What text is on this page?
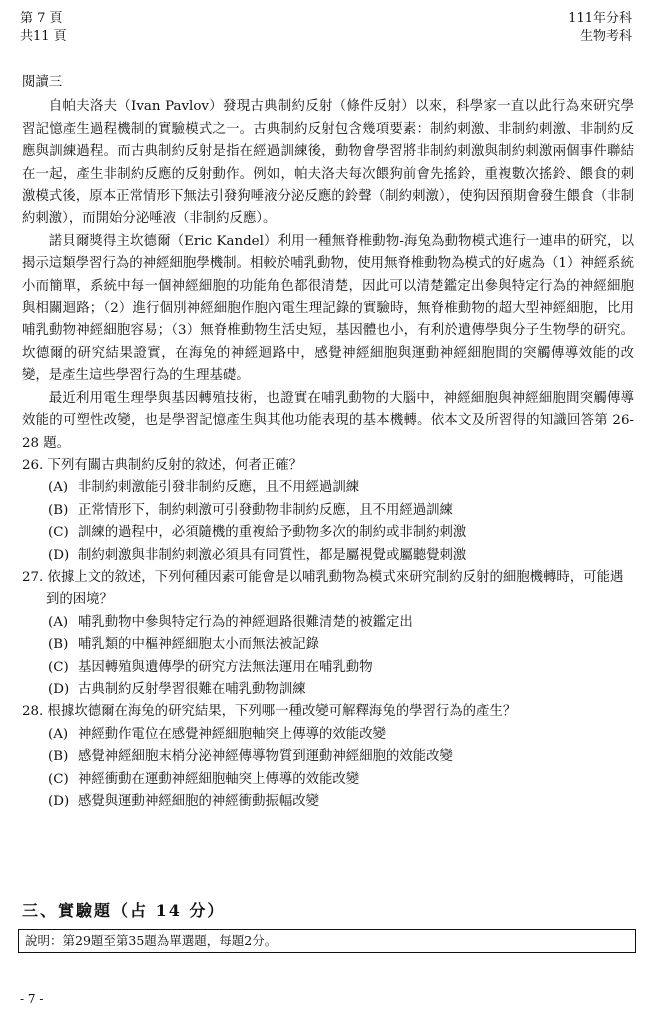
第 7 頁
共11 頁
111年分科
生物考科

閱讀三

自帕夫洛夫（Ivan Pavlov）發現古典制約反射（條件反射）以來，科學家一直以此行為來研究學習記憶產生過程機制的實驗模式之一。古典制約反射包含幾項要素：制約刺激、非制約刺激、非制約反應與訓練過程。而古典制約反射是指在經過訓練後，動物會學習將非制約刺激與制約刺激兩個事件聯結在一起，產生非制約反應的反射動作。例如，帕夫洛夫每次餵狗前會先搖鈴，重複數次搖鈴、餵食的刺激模式後，原本正常情形下無法引發狗唾液分泌反應的鈴聲（制約刺激），使狗因預期會發生餵食（非制約刺激），而開始分泌唾液（非制約反應）。

諾貝爾獎得主坎德爾（Eric Kandel）利用一種無脊椎動物-海兔為動物模式進行一連串的研究，以揭示這類學習行為的神經細胞學機制。相較於哺乳動物，使用無脊椎動物為模式的好處為（1）神經系統小而簡單，系統中每一個神經細胞的功能角色都很清楚，因此可以清楚鑑定出參與特定行為的神經細胞與相關迴路；（2）進行個別神經細胞作胞內電生理記錄的實驗時，無脊椎動物的超大型神經細胞，比用哺乳動物神經細胞容易；（3）無脊椎動物生活史短，基因體也小，有利於遺傳學與分子生物學的研究。坎德爾的研究結果證實，在海兔的神經迴路中，感覺神經細胞與運動神經細胞間的突觸傳導效能的改變，是產生這些學習行為的生理基礎。

最近利用電生理學與基因轉殖技術，也證實在哺乳動物的大腦中，神經細胞與神經細胞間突觸傳導效能的可塑性改變，也是學習記憶產生與其他功能表現的基本機轉。依本文及所習得的知識回答第 26-28 題。

26. 下列有關古典制約反射的敘述，何者正確？

(A) 非制約刺激能引發非制約反應，且不用經過訓練

(B) 正常情形下，制約刺激可引發動物非制約反應，且不用經過訓練

(C) 訓練的過程中，必須隨機的重複給予動物多次的制約或非制約刺激

(D) 制約刺激與非制約刺激必須具有同質性，都是屬視覺或屬聽覺刺激

27. 依據上文的敘述，下列何種因素可能會是以哺乳動物為模式來研究制約反射的細胞機轉時，可能遇到的困境？

(A) 哺乳動物中參與特定行為的神經迴路很難清楚的被鑑定出

(B) 哺乳類的中樞神經細胞太小而無法被記錄

(C) 基因轉殖與遺傳學的研究方法無法運用在哺乳動物

(D) 古典制約反射學習很難在哺乳動物訓練

28. 根據坎德爾在海兔的研究結果，下列哪一種改變可解釋海兔的學習行為的產生？

(A) 神經動作電位在感覺神經細胞軸突上傳導的效能改變

(B) 感覺神經細胞末梢分泌神經傳導物質到運動神經細胞的效能改變

(C) 神經衝動在運動神經細胞軸突上傳導的效能改變

(D) 感覺與運動神經細胞的神經衝動振幅改變

三、實驗題（占 14 分）
說明：第29題至第35題為單選題，每題2分。
- 7 -
